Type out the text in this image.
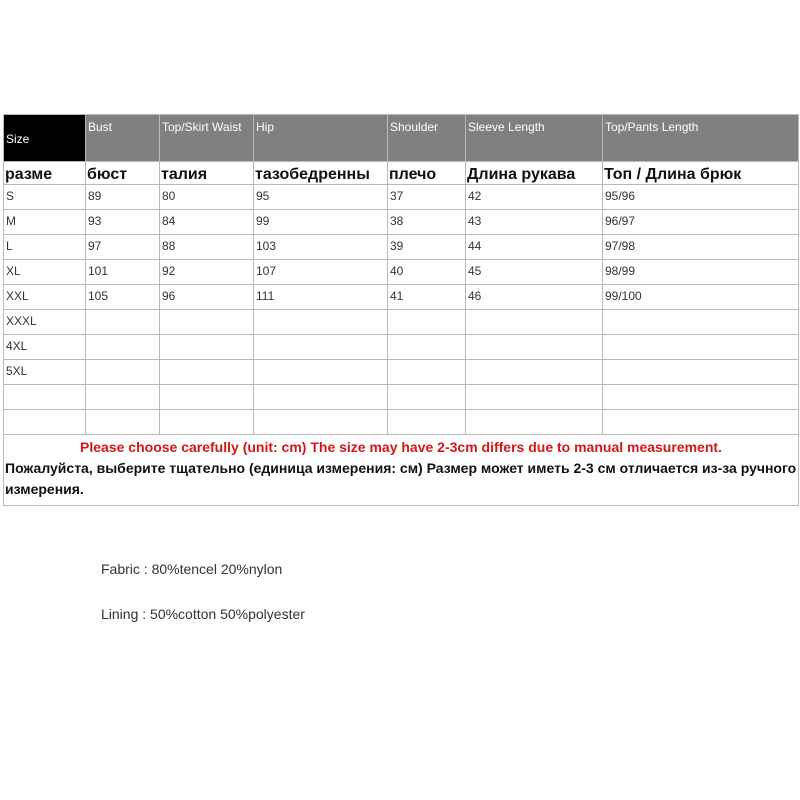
Size	Bust	Top/Skirt Waist	Hip	Shoulder	Sleeve Length	Top/Pants Length
разме	бюст	талия	тазобедренны	плечо	Длина рукава	Топ / Длина брюк
S	89	80	95	37	42	95/96
M	93	84	99	38	43	96/97
L	97	88	103	39	44	97/98
XL	101	92	107	40	45	98/99
XXL	105	96	111	41	46	99/100
XXXL						
4XL						
5XL						

Please choose carefully (unit: cm) The size may have 2-3cm differs due to manual measurement.
Пожалуйста, выберите тщательно (единица измерения: см) Размер может иметь 2-3 см отличается из-за ручного измерения.						
Fabric : 80%tencel 20%nylon
Lining : 50%cotton 50%polyester
